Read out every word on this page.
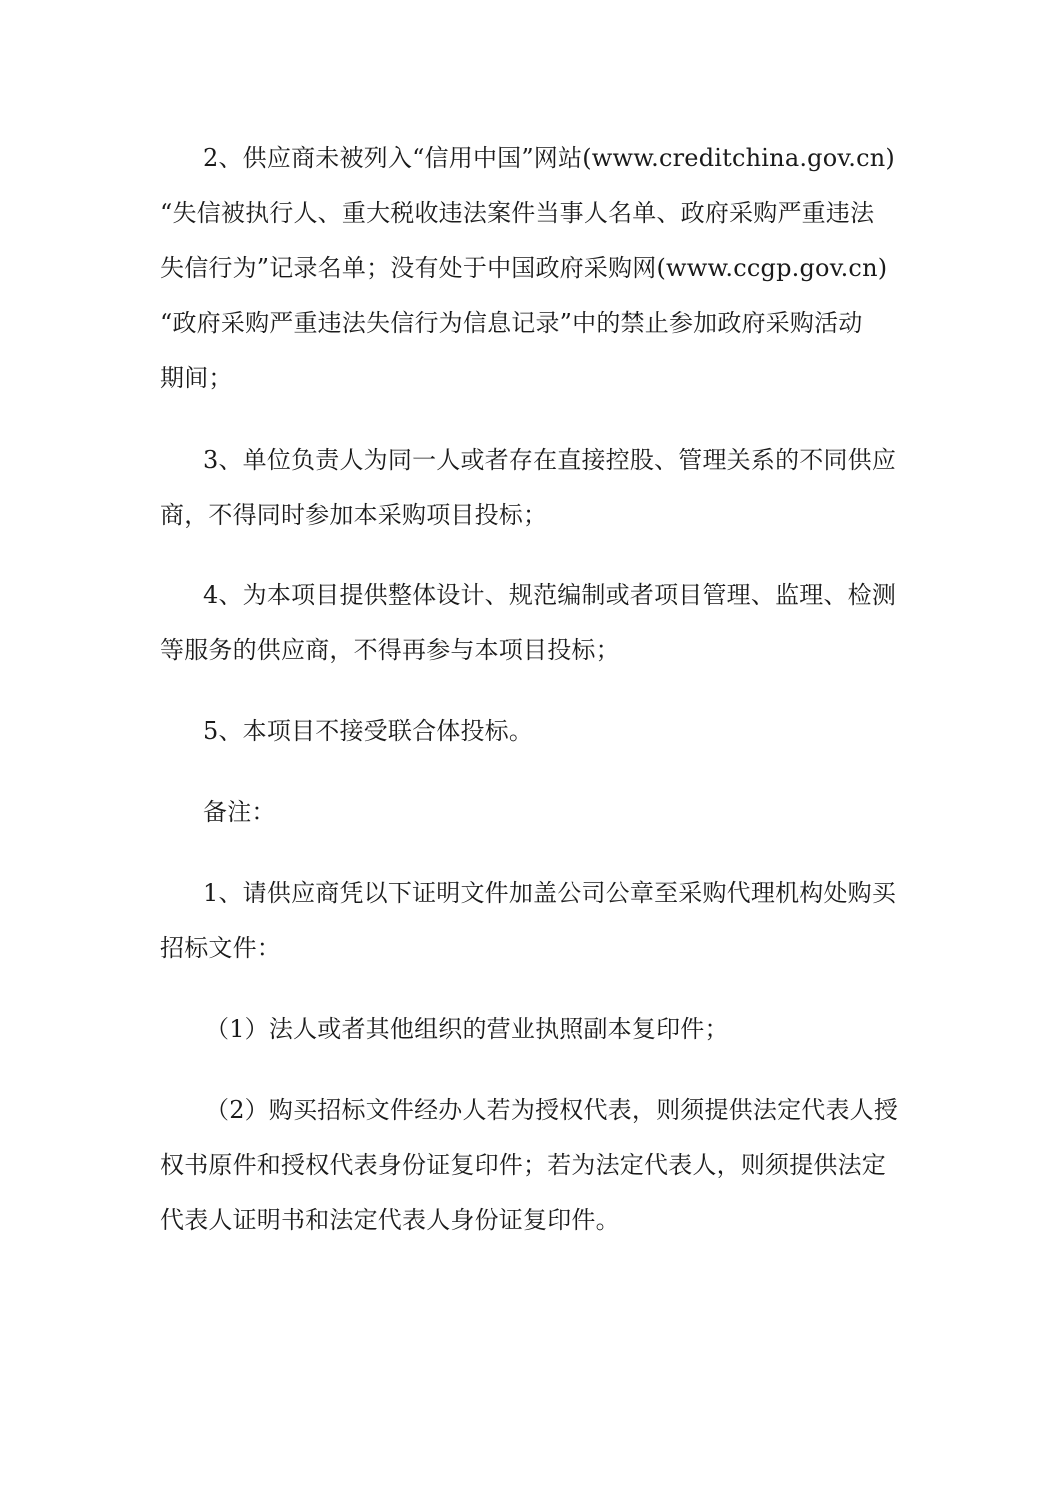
2、供应商未被列入“信用中国”网站(www.creditchina.gov.cn)
“失信被执行人、重大税收违法案件当事人名单、政府采购严重违法
失信行为”记录名单；没有处于中国政府采购网(www.ccgp.gov.cn)
“政府采购严重违法失信行为信息记录”中的禁止参加政府采购活动
期间；
3、单位负责人为同一人或者存在直接控股、管理关系的不同供应
商，不得同时参加本采购项目投标；
4、为本项目提供整体设计、规范编制或者项目管理、监理、检测
等服务的供应商，不得再参与本项目投标；
5、本项目不接受联合体投标。
备注：
1、请供应商凭以下证明文件加盖公司公章至采购代理机构处购买
招标文件：
（1）法人或者其他组织的营业执照副本复印件；
（2）购买招标文件经办人若为授权代表，则须提供法定代表人授
权书原件和授权代表身份证复印件；若为法定代表人，则须提供法定
代表人证明书和法定代表人身份证复印件。
